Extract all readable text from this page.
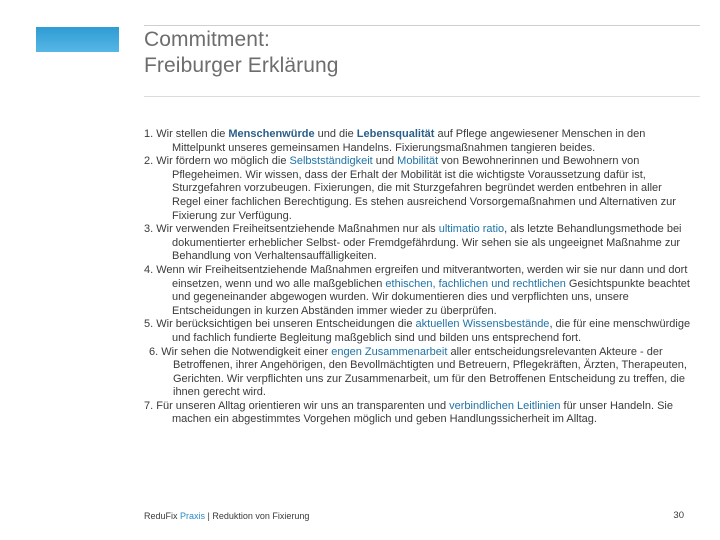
Commitment:
Freiburger Erklärung

1. Wir stellen die Menschenwürde und die Lebensqualität auf Pflege angewiesener Menschen in den Mittelpunkt unseres gemeinsamen Handelns. Fixierungsmaßnahmen tangieren beides.

2. Wir fördern wo möglich die Selbstständigkeit und Mobilität von Bewohnerinnen und Bewohnern von Pflegeheimen. Wir wissen, dass der Erhalt der Mobilität ist die wichtigste Voraussetzung dafür ist, Sturzgefahren vorzubeugen. Fixierungen, die mit Sturzgefahren begründet werden entbehren in aller Regel einer fachlichen Berechtigung. Es stehen ausreichend Vorsorgemaßnahmen und Alternativen zur Fixierung zur Verfügung.

3. Wir verwenden Freiheitsentziehende Maßnahmen nur als ultimatio ratio, als letzte Behandlungsmethode bei dokumentierter erheblicher Selbst- oder Fremdgefährdung. Wir sehen sie als ungeeignet Maßnahme zur Behandlung von Verhaltensauffälligkeiten.

4. Wenn wir Freiheitsentziehende Maßnahmen ergreifen und mitverantworten, werden wir sie nur dann und dort einsetzen, wenn und wo alle maßgeblichen ethischen, fachlichen und rechtlichen Gesichtspunkte beachtet und gegeneinander abgewogen wurden. Wir dokumentieren dies und verpflichten uns, unsere Entscheidungen in kurzen Abständen immer wieder zu überprüfen.

5. Wir berücksichtigen bei unseren Entscheidungen die aktuellen Wissensbestände, die für eine menschwürdige und fachlich fundierte Begleitung maßgeblich sind und bilden uns entsprechend fort.

6. Wir sehen die Notwendigkeit einer engen Zusammenarbeit aller entscheidungsrelevanten Akteure - der Betroffenen, ihrer Angehörigen, den Bevollmächtigten und Betreuern, Pflegekräften, Ärzten, Therapeuten, Gerichten. Wir verpflichten uns zur Zusammenarbeit, um für den Betroffenen Entscheidung zu treffen, die ihnen gerecht wird.

7. Für unseren Alltag orientieren wir uns an transparenten und verbindlichen Leitlinien für unser Handeln. Sie machen ein abgestimmtes Vorgehen möglich und geben Handlungssicherheit im Alltag.

ReduFix Praxis | Reduktion von Fixierung	30
